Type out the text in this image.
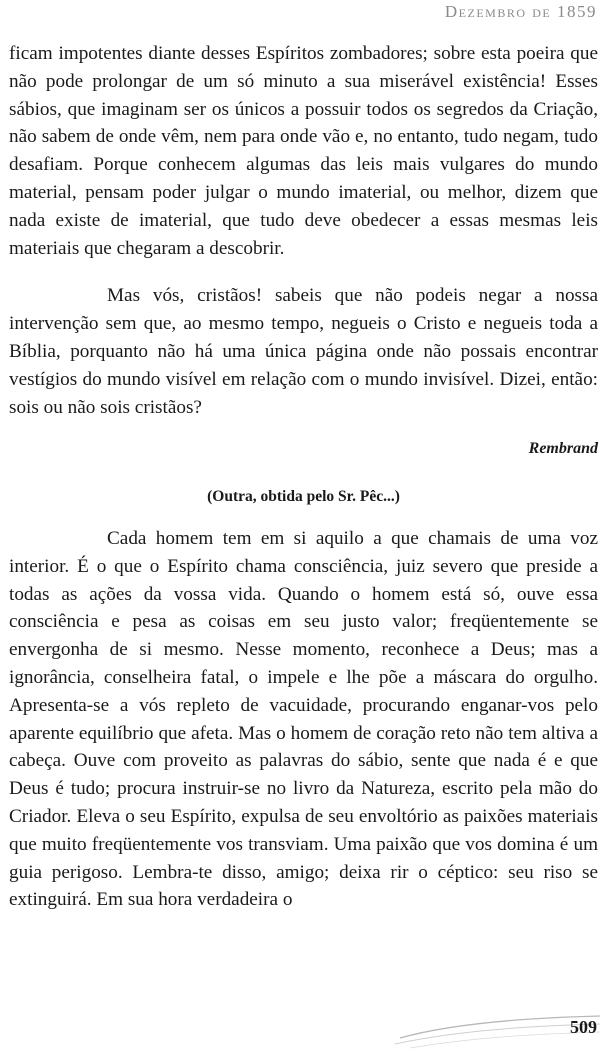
Dezembro de 1859

ficam impotentes diante desses Espíritos zombadores; sobre esta poeira que não pode prolongar de um só minuto a sua miserável existência! Esses sábios, que imaginam ser os únicos a possuir todos os segredos da Criação, não sabem de onde vêm, nem para onde vão e, no entanto, tudo negam, tudo desafiam. Porque conhecem algumas das leis mais vulgares do mundo material, pensam poder julgar o mundo imaterial, ou melhor, dizem que nada existe de imaterial, que tudo deve obedecer a essas mesmas leis materiais que chegaram a descobrir.

Mas vós, cristãos! sabeis que não podeis negar a nossa intervenção sem que, ao mesmo tempo, negueis o Cristo e negueis toda a Bíblia, porquanto não há uma única página onde não possais encontrar vestígios do mundo visível em relação com o mundo invisível. Dizei, então: sois ou não sois cristãos?

Rembrand

(Outra, obtida pelo Sr. Pêc...)

Cada homem tem em si aquilo a que chamais de uma voz interior. É o que o Espírito chama consciência, juiz severo que preside a todas as ações da vossa vida. Quando o homem está só, ouve essa consciência e pesa as coisas em seu justo valor; freqüentemente se envergonha de si mesmo. Nesse momento, reconhece a Deus; mas a ignorância, conselheira fatal, o impele e lhe põe a máscara do orgulho. Apresenta-se a vós repleto de vacuidade, procurando enganar-vos pelo aparente equilíbrio que afeta. Mas o homem de coração reto não tem altiva a cabeça. Ouve com proveito as palavras do sábio, sente que nada é e que Deus é tudo; procura instruir-se no livro da Natureza, escrito pela mão do Criador. Eleva o seu Espírito, expulsa de seu envoltório as paixões materiais que muito freqüentemente vos transviam. Uma paixão que vos domina é um guia perigoso. Lembra-te disso, amigo; deixa rir o céptico: seu riso se extinguirá. Em sua hora verdadeira o

509
